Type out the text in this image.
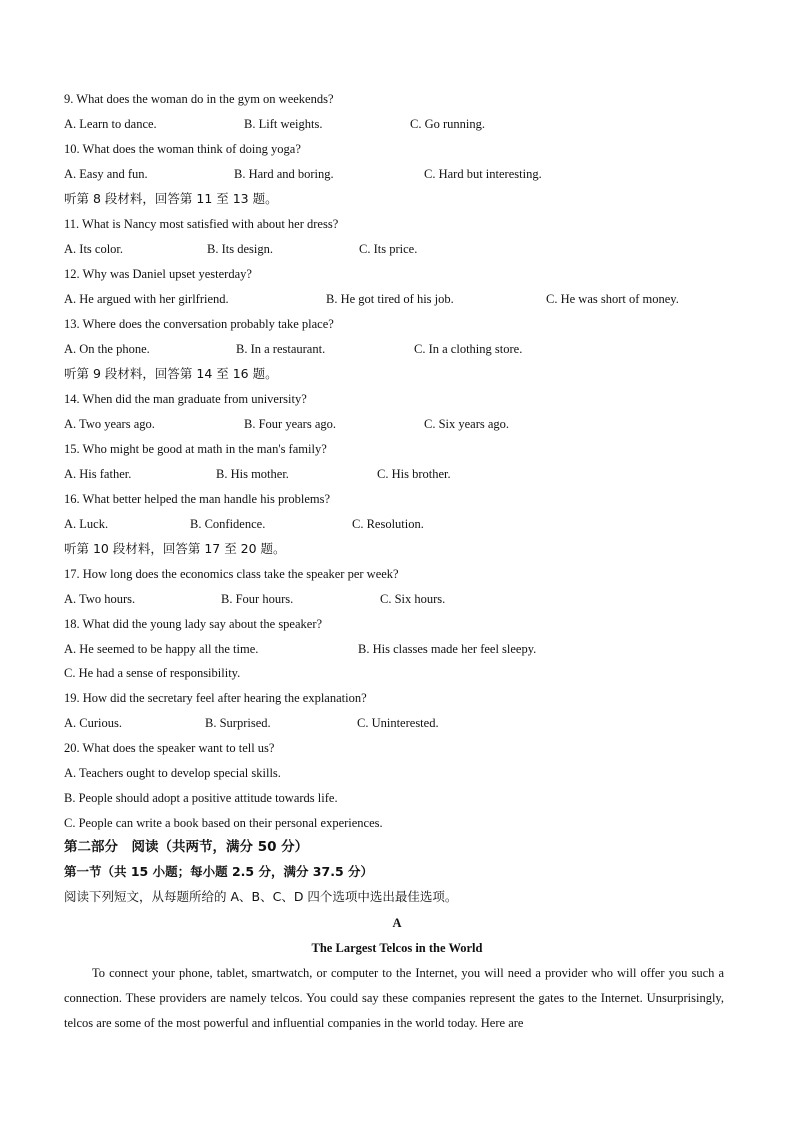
9. What does the woman do in the gym on weekends?
A. Learn to dance.	B. Lift weights.	C. Go running.
10. What does the woman think of doing yoga?
A. Easy and fun.	B. Hard and boring.	C. Hard but interesting.
听第 8 段材料，回答第 11 至 13 题。
11. What is Nancy most satisfied with about her dress?
A. Its color.	B. Its design.	C. Its price.
12. Why was Daniel upset yesterday?
A. He argued with her girlfriend.	B. He got tired of his job.	C. He was short of money.
13. Where does the conversation probably take place?
A. On the phone.	B. In a restaurant.	C. In a clothing store.
听第 9 段材料，回答第 14 至 16 题。
14. When did the man graduate from university?
A. Two years ago.	B. Four years ago.	C. Six years ago.
15. Who might be good at math in the man's family?
A. His father.	B. His mother.	C. His brother.
16. What better helped the man handle his problems?
A. Luck.	B. Confidence.	C. Resolution.
听第 10 段材料，回答第 17 至 20 题。
17. How long does the economics class take the speaker per week?
A. Two hours.	B. Four hours.	C. Six hours.
18. What did the young lady say about the speaker?
A. He seemed to be happy all the time.	B. His classes made her feel sleepy.
C. He had a sense of responsibility.
19. How did the secretary feel after hearing the explanation?
A. Curious.	B. Surprised.	C. Uninterested.
20. What does the speaker want to tell us?
A. Teachers ought to develop special skills.
B. People should adopt a positive attitude towards life.
C. People can write a book based on their personal experiences.
第二部分　阅读（共两节，满分 50 分）
第一节（共 15 小题；每小题 2.5 分，满分 37.5 分）
阅读下列短文，从每题所给的 A、B、C、D 四个选项中选出最佳选项。
A
The Largest Telcos in the World
To connect your phone, tablet, smartwatch, or computer to the Internet, you will need a provider who will offer you such a connection. These providers are namely telcos. You could say these companies represent the gates to the Internet. Unsurprisingly, telcos are some of the most powerful and influential companies in the world today. Here are
